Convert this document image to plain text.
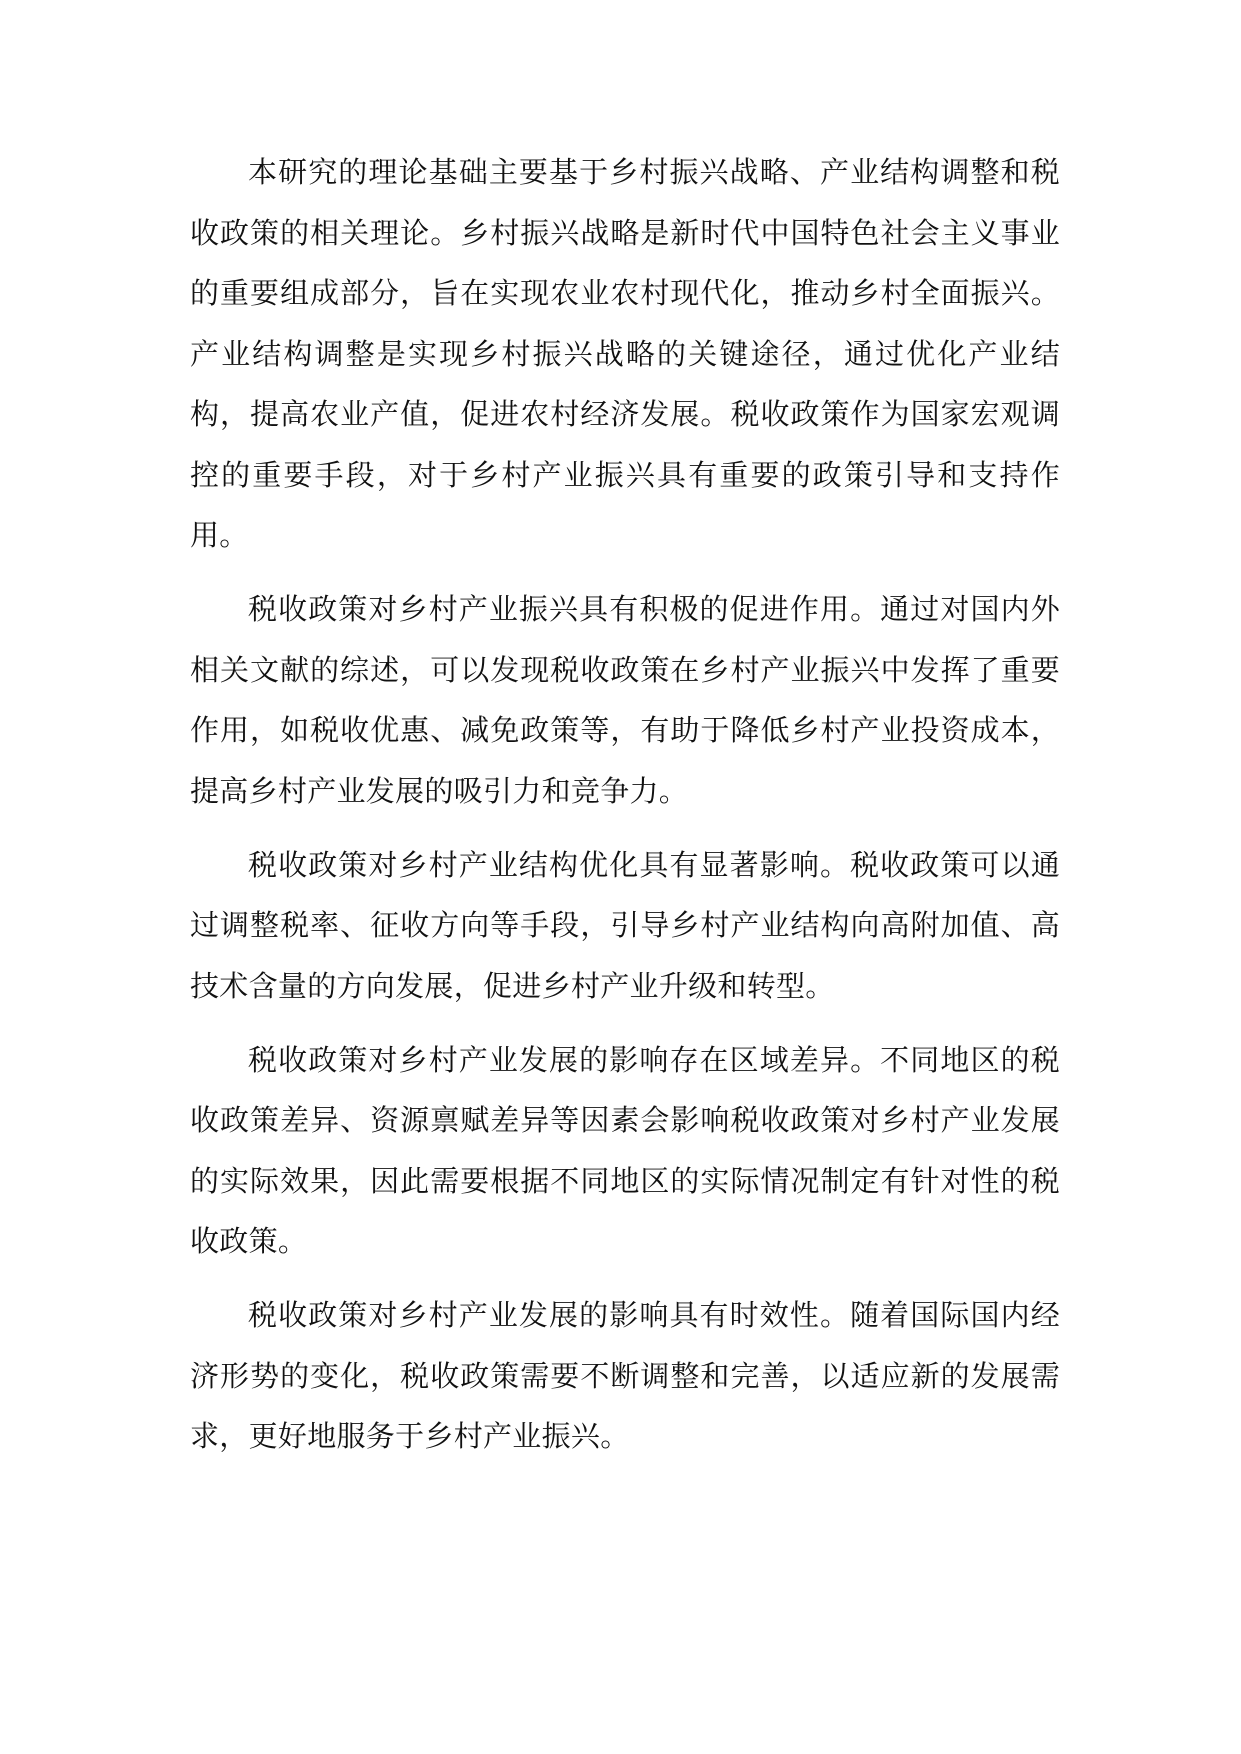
本研究的理论基础主要基于乡村振兴战略、产业结构调整和税收政策的相关理论。乡村振兴战略是新时代中国特色社会主义事业的重要组成部分，旨在实现农业农村现代化，推动乡村全面振兴。产业结构调整是实现乡村振兴战略的关键途径，通过优化产业结构，提高农业产值，促进农村经济发展。税收政策作为国家宏观调控的重要手段，对于乡村产业振兴具有重要的政策引导和支持作用。

税收政策对乡村产业振兴具有积极的促进作用。通过对国内外相关文献的综述，可以发现税收政策在乡村产业振兴中发挥了重要作用，如税收优惠、减免政策等，有助于降低乡村产业投资成本，提高乡村产业发展的吸引力和竞争力。

税收政策对乡村产业结构优化具有显著影响。税收政策可以通过调整税率、征收方向等手段，引导乡村产业结构向高附加值、高技术含量的方向发展，促进乡村产业升级和转型。

税收政策对乡村产业发展的影响存在区域差异。不同地区的税收政策差异、资源禀赋差异等因素会影响税收政策对乡村产业发展的实际效果，因此需要根据不同地区的实际情况制定有针对性的税收政策。

税收政策对乡村产业发展的影响具有时效性。随着国际国内经济形势的变化，税收政策需要不断调整和完善，以适应新的发展需求，更好地服务于乡村产业振兴。
